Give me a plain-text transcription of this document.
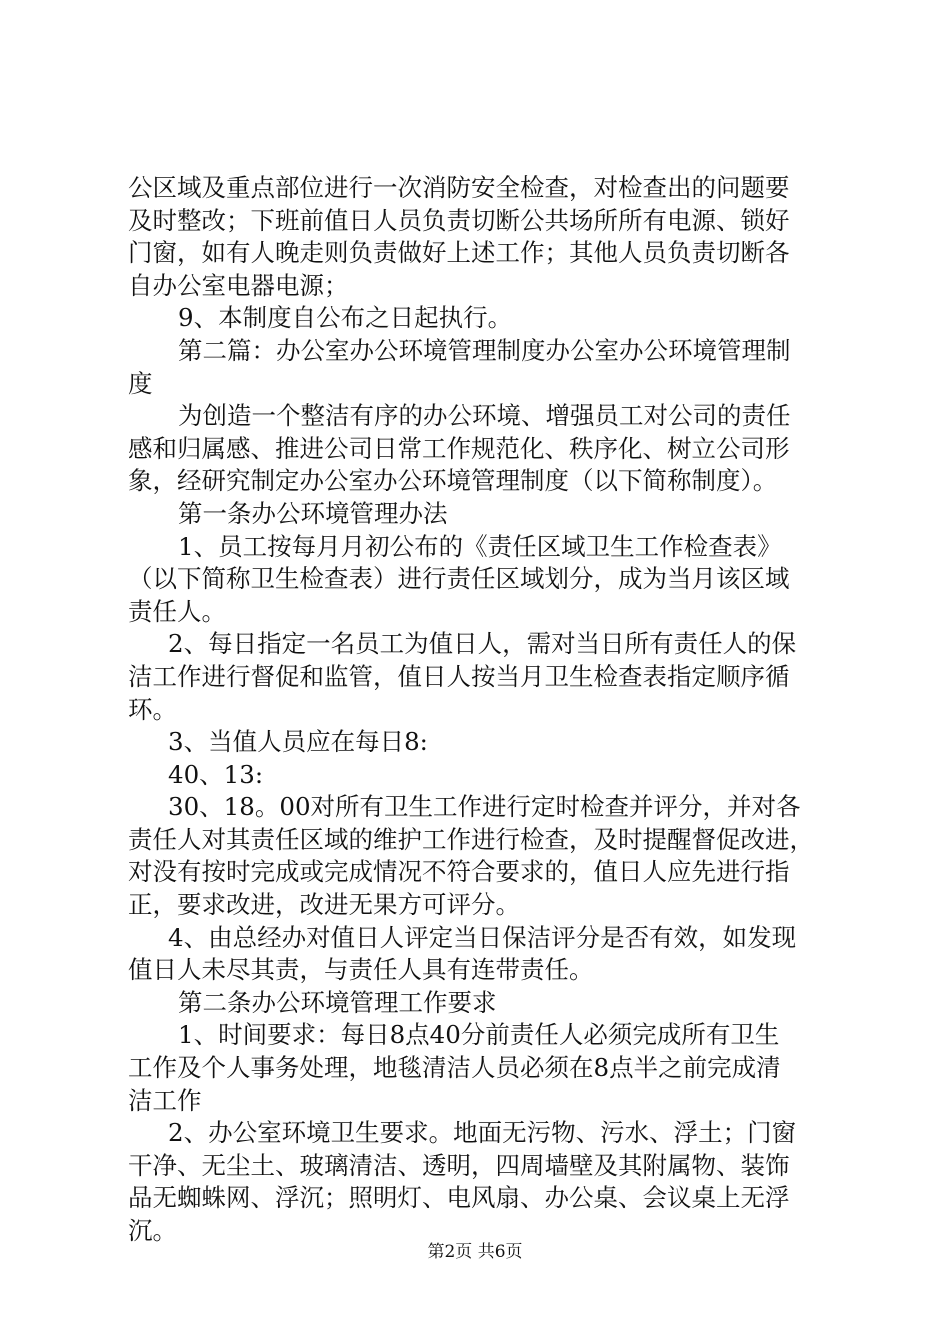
公区域及重点部位进行一次消防安全检查，对检查出的问题要
及时整改；下班前值日人员负责切断公共场所所有电源、锁好
门窗，如有人晚走则负责做好上述工作；其他人员负责切断各
自办公室电器电源；
9、本制度自公布之日起执行。
第二篇：办公室办公环境管理制度办公室办公环境管理制
度
为创造一个整洁有序的办公环境、增强员工对公司的责任
感和归属感、推进公司日常工作规范化、秩序化、树立公司形
象，经研究制定办公室办公环境管理制度（以下简称制度）。
第一条办公环境管理办法
1、员工按每月月初公布的《责任区域卫生工作检查表》
（以下简称卫生检查表）进行责任区域划分，成为当月该区域
责任人。
2、每日指定一名员工为值日人，需对当日所有责任人的保
洁工作进行督促和监管，值日人按当月卫生检查表指定顺序循
环。
3、当值人员应在每日8:
40、13:
30、18。00对所有卫生工作进行定时检查并评分，并对各
责任人对其责任区域的维护工作进行检查，及时提醒督促改进，
对没有按时完成或完成情况不符合要求的，值日人应先进行指
正，要求改进，改进无果方可评分。
4、由总经办对值日人评定当日保洁评分是否有效，如发现
值日人未尽其责，与责任人具有连带责任。
第二条办公环境管理工作要求
1、时间要求：每日8点40分前责任人必须完成所有卫生
工作及个人事务处理，地毯清洁人员必须在8点半之前完成清
洁工作
2、办公室环境卫生要求。地面无污物、污水、浮土；门窗
干净、无尘土、玻璃清洁、透明，四周墙壁及其附属物、装饰
品无蜘蛛网、浮沉；照明灯、电风扇、办公桌、会议桌上无浮
沉。
第2页 共6页
